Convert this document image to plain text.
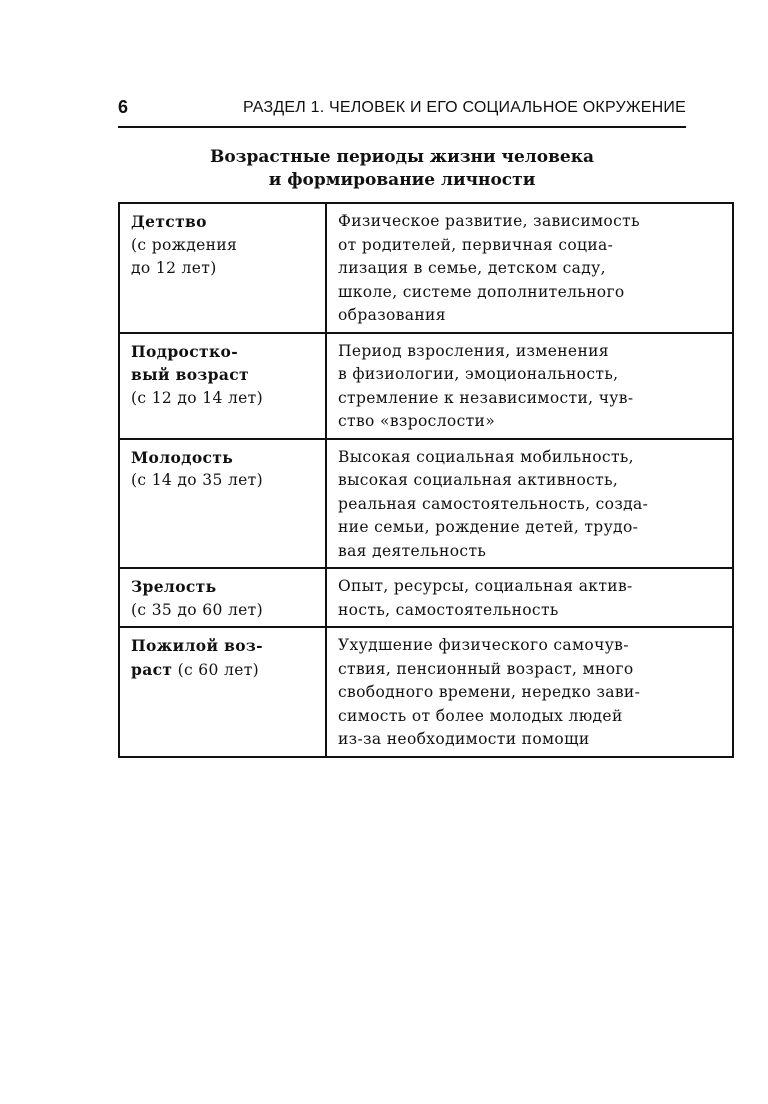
6	РАЗДЕЛ 1. ЧЕЛОВЕК И ЕГО СОЦИАЛЬНОЕ ОКРУЖЕНИЕ
Возрастные периоды жизни человека
и формирование личности
Детство
(с рождения
до 12 лет)	Физическое развитие, зависимость
от родителей, первичная социа-
лизация в семье, детском саду,
школе, системе дополнительного
образования

Подростко-
вый возраст
(с 12 до 14 лет)	Период взросления, изменения
в физиологии, эмоциональность,
стремление к независимости, чув-
ство «взрослости»

Молодость
(с 14 до 35 лет)	Высокая социальная мобильность,
высокая социальная активность,
реальная самостоятельность, созда-
ние семьи, рождение детей, трудо-
вая деятельность

Зрелость
(с 35 до 60 лет)	Опыт, ресурсы, социальная актив-
ность, самостоятельность

Пожилой воз-
раст (с 60 лет)	Ухудшение физического самочув-
ствия, пенсионный возраст, много
свободного времени, нередко зави-
симость от более молодых людей
из-за необходимости помощи
